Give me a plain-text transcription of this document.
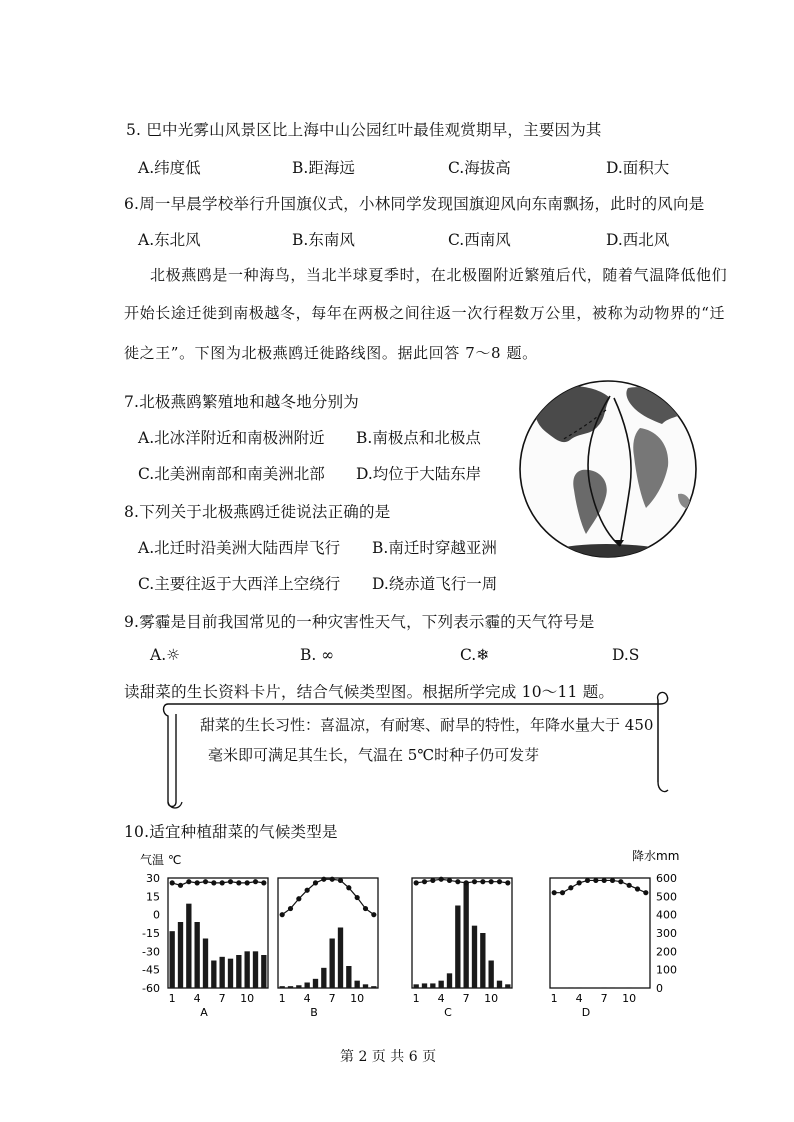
5. 巴中光雾山风景区比上海中山公园红叶最佳观赏期早，主要因为其
A.纬度低	B.距海远	C.海拔高	D.面积大
6.周一早晨学校举行升国旗仪式，小林同学发现国旗迎风向东南飘扬，此时的风向是
A.东北风	B.东南风	C.西南风	D.西北风
北极燕鸥是一种海鸟，当北半球夏季时，在北极圈附近繁殖后代，随着气温降低他们
开始长途迁徙到南极越冬，每年在两极之间往返一次行程数万公里，被称为动物界的“迁
徙之王”。下图为北极燕鸥迁徙路线图。据此回答 7～8 题。
7.北极燕鸥繁殖地和越冬地分别为
A.北冰洋附近和南极洲附近 B.南极点和北极点
C.北美洲南部和南美洲北部 D.均位于大陆东岸
8.下列关于北极燕鸥迁徙说法正确的是
A.北迁时沿美洲大陆西岸飞行 B.南迁时穿越亚洲
C.主要往返于大西洋上空绕行 D.绕赤道飞行一周
9.雾霾是目前我国常见的一种灾害性天气，下列表示霾的天气符号是
A.☼	B. ∞	C.❄	D.S
读甜菜的生长资料卡片，结合气候类型图。根据所学完成 10～11 题。
甜菜的生长习性：喜温凉，有耐寒、耐旱的特性，年降水量大于 450
毫米即可满足其生长，气温在 5℃时种子仍可发芽
10.适宜种植甜菜的气候类型是
气温 ℃	降水mm
30
15
0
-15
-30
-45
-60
600
500
400
300
200
100
0
1 4 7 10
A
1 4 7 10
B
1 4 7 10
C
1 4 7 10
D
第 2 页 共 6 页
